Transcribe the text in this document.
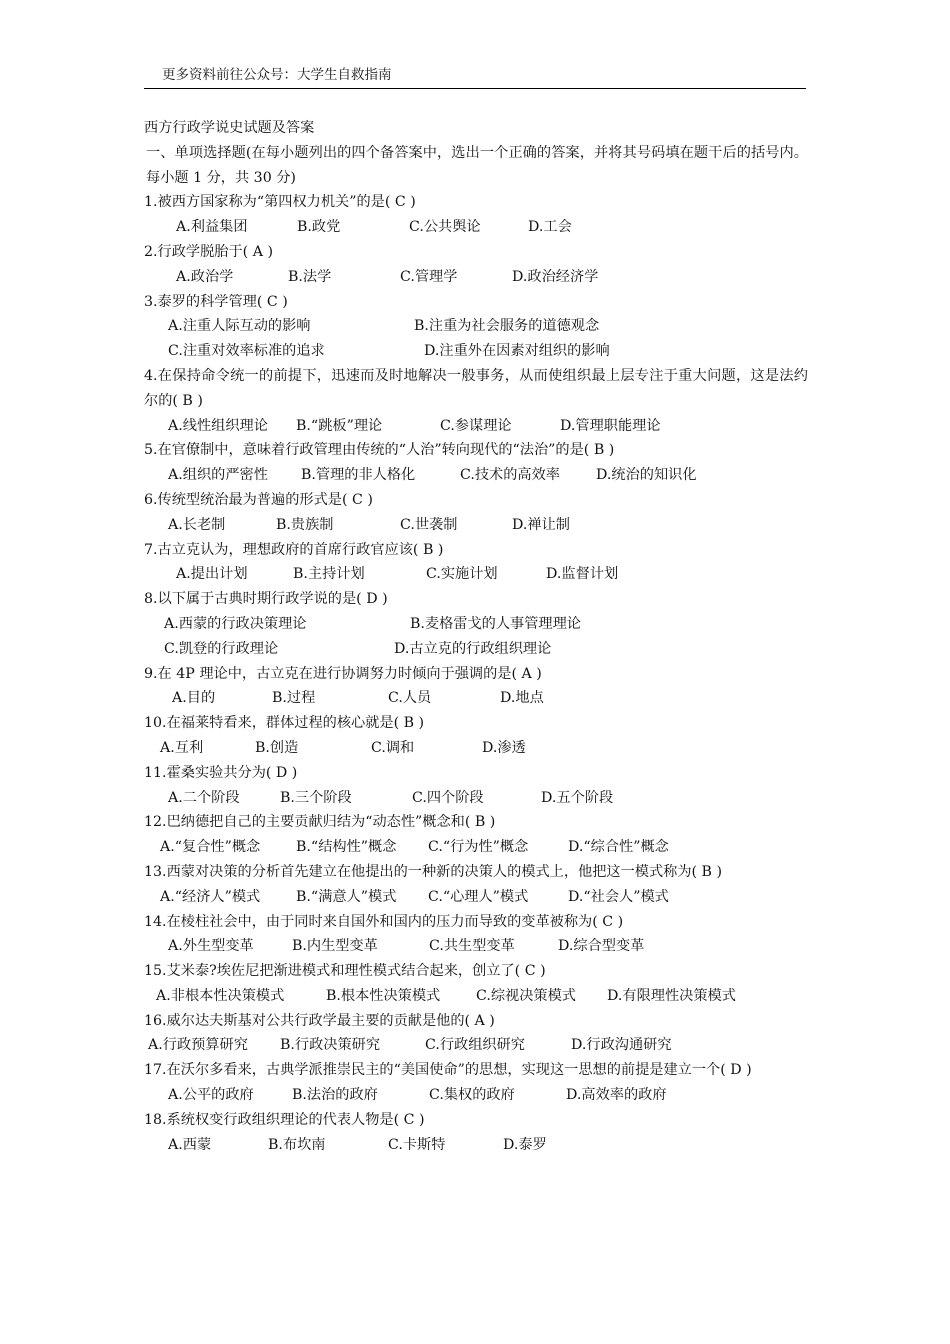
更多资料前往公众号：大学生自救指南
西方行政学说史试题及答案
一、单项选择题(在每小题列出的四个备答案中，选出一个正确的答案，并将其号码填在题干后的括号内。每小题 1 分，共 30 分)
1.被西方国家称为“第四权力机关”的是( C )
A.利益集团	B.政党	C.公共舆论	D.工会
2.行政学脱胎于( A )
A.政治学	B.法学	C.管理学	D.政治经济学
3.泰罗的科学管理( C )
A.注重人际互动的影响	B.注重为社会服务的道德观念
C.注重对效率标准的追求	D.注重外在因素对组织的影响
4.在保持命令统一的前提下，迅速而及时地解决一般事务，从而使组织最上层专注于重大问题，这是法约尔的( B )
A.线性组织理论 B.“跳板”理论	C.参谋理论	D.管理职能理论
5.在官僚制中，意味着行政管理由传统的“人治”转向现代的“法治”的是( B )
A.组织的严密性 B.管理的非人格化	C.技术的高效率	D.统治的知识化
6.传统型统治最为普遍的形式是( C )
A.长老制	B.贵族制	C.世袭制	D.禅让制
7.古立克认为，理想政府的首席行政官应该( B )
A.提出计划	B.主持计划	C.实施计划	D.监督计划
8.以下属于古典时期行政学说的是( D )
A.西蒙的行政决策理论	B.麦格雷戈的人事管理理论
C.凯登的行政理论	D.古立克的行政组织理论
9.在 4P 理论中，古立克在进行协调努力时倾向于强调的是( A )
A.目的	B.过程	C.人员	D.地点
10.在福莱特看来，群体过程的核心就是( B )
A.互利	B.创造	C.调和	D.渗透
11.霍桑实验共分为( D )
A.二个阶段	B.三个阶段	C.四个阶段	D.五个阶段
12.巴纳德把自己的主要贡献归结为“动态性”概念和( B )
A.“复合性”概念	B.“结构性”概念 C.“行为性”概念	D.“综合性”概念
13.西蒙对决策的分析首先建立在他提出的一种新的决策人的模式上，他把这一模式称为( B )
A.“经济人”模式	B.“满意人”模式 C.“心理人”模式	D.“社会人”模式
14.在棱柱社会中，由于同时来自国外和国内的压力而导致的变革被称为( C )
A.外生型变革	B.内生型变革	C.共生型变革	D.综合型变革
15.艾米泰?埃佐尼把渐进模式和理性模式结合起来，创立了( C )
A.非根本性决策模式	B.根本性决策模式	C.综视决策模式 D.有限理性决策模式
16.威尔达夫斯基对公共行政学最主要的贡献是他的( A )
A.行政预算研究 B.行政决策研究	C.行政组织研究	D.行政沟通研究
17.在沃尔多看来，古典学派推崇民主的“美国使命”的思想，实现这一思想的前提是建立一个( D )
A.公平的政府	B.法治的政府	C.集权的政府	D.高效率的政府
18.系统权变行政组织理论的代表人物是( C )
A.西蒙	B.布坎南	C.卡斯特	D.泰罗
